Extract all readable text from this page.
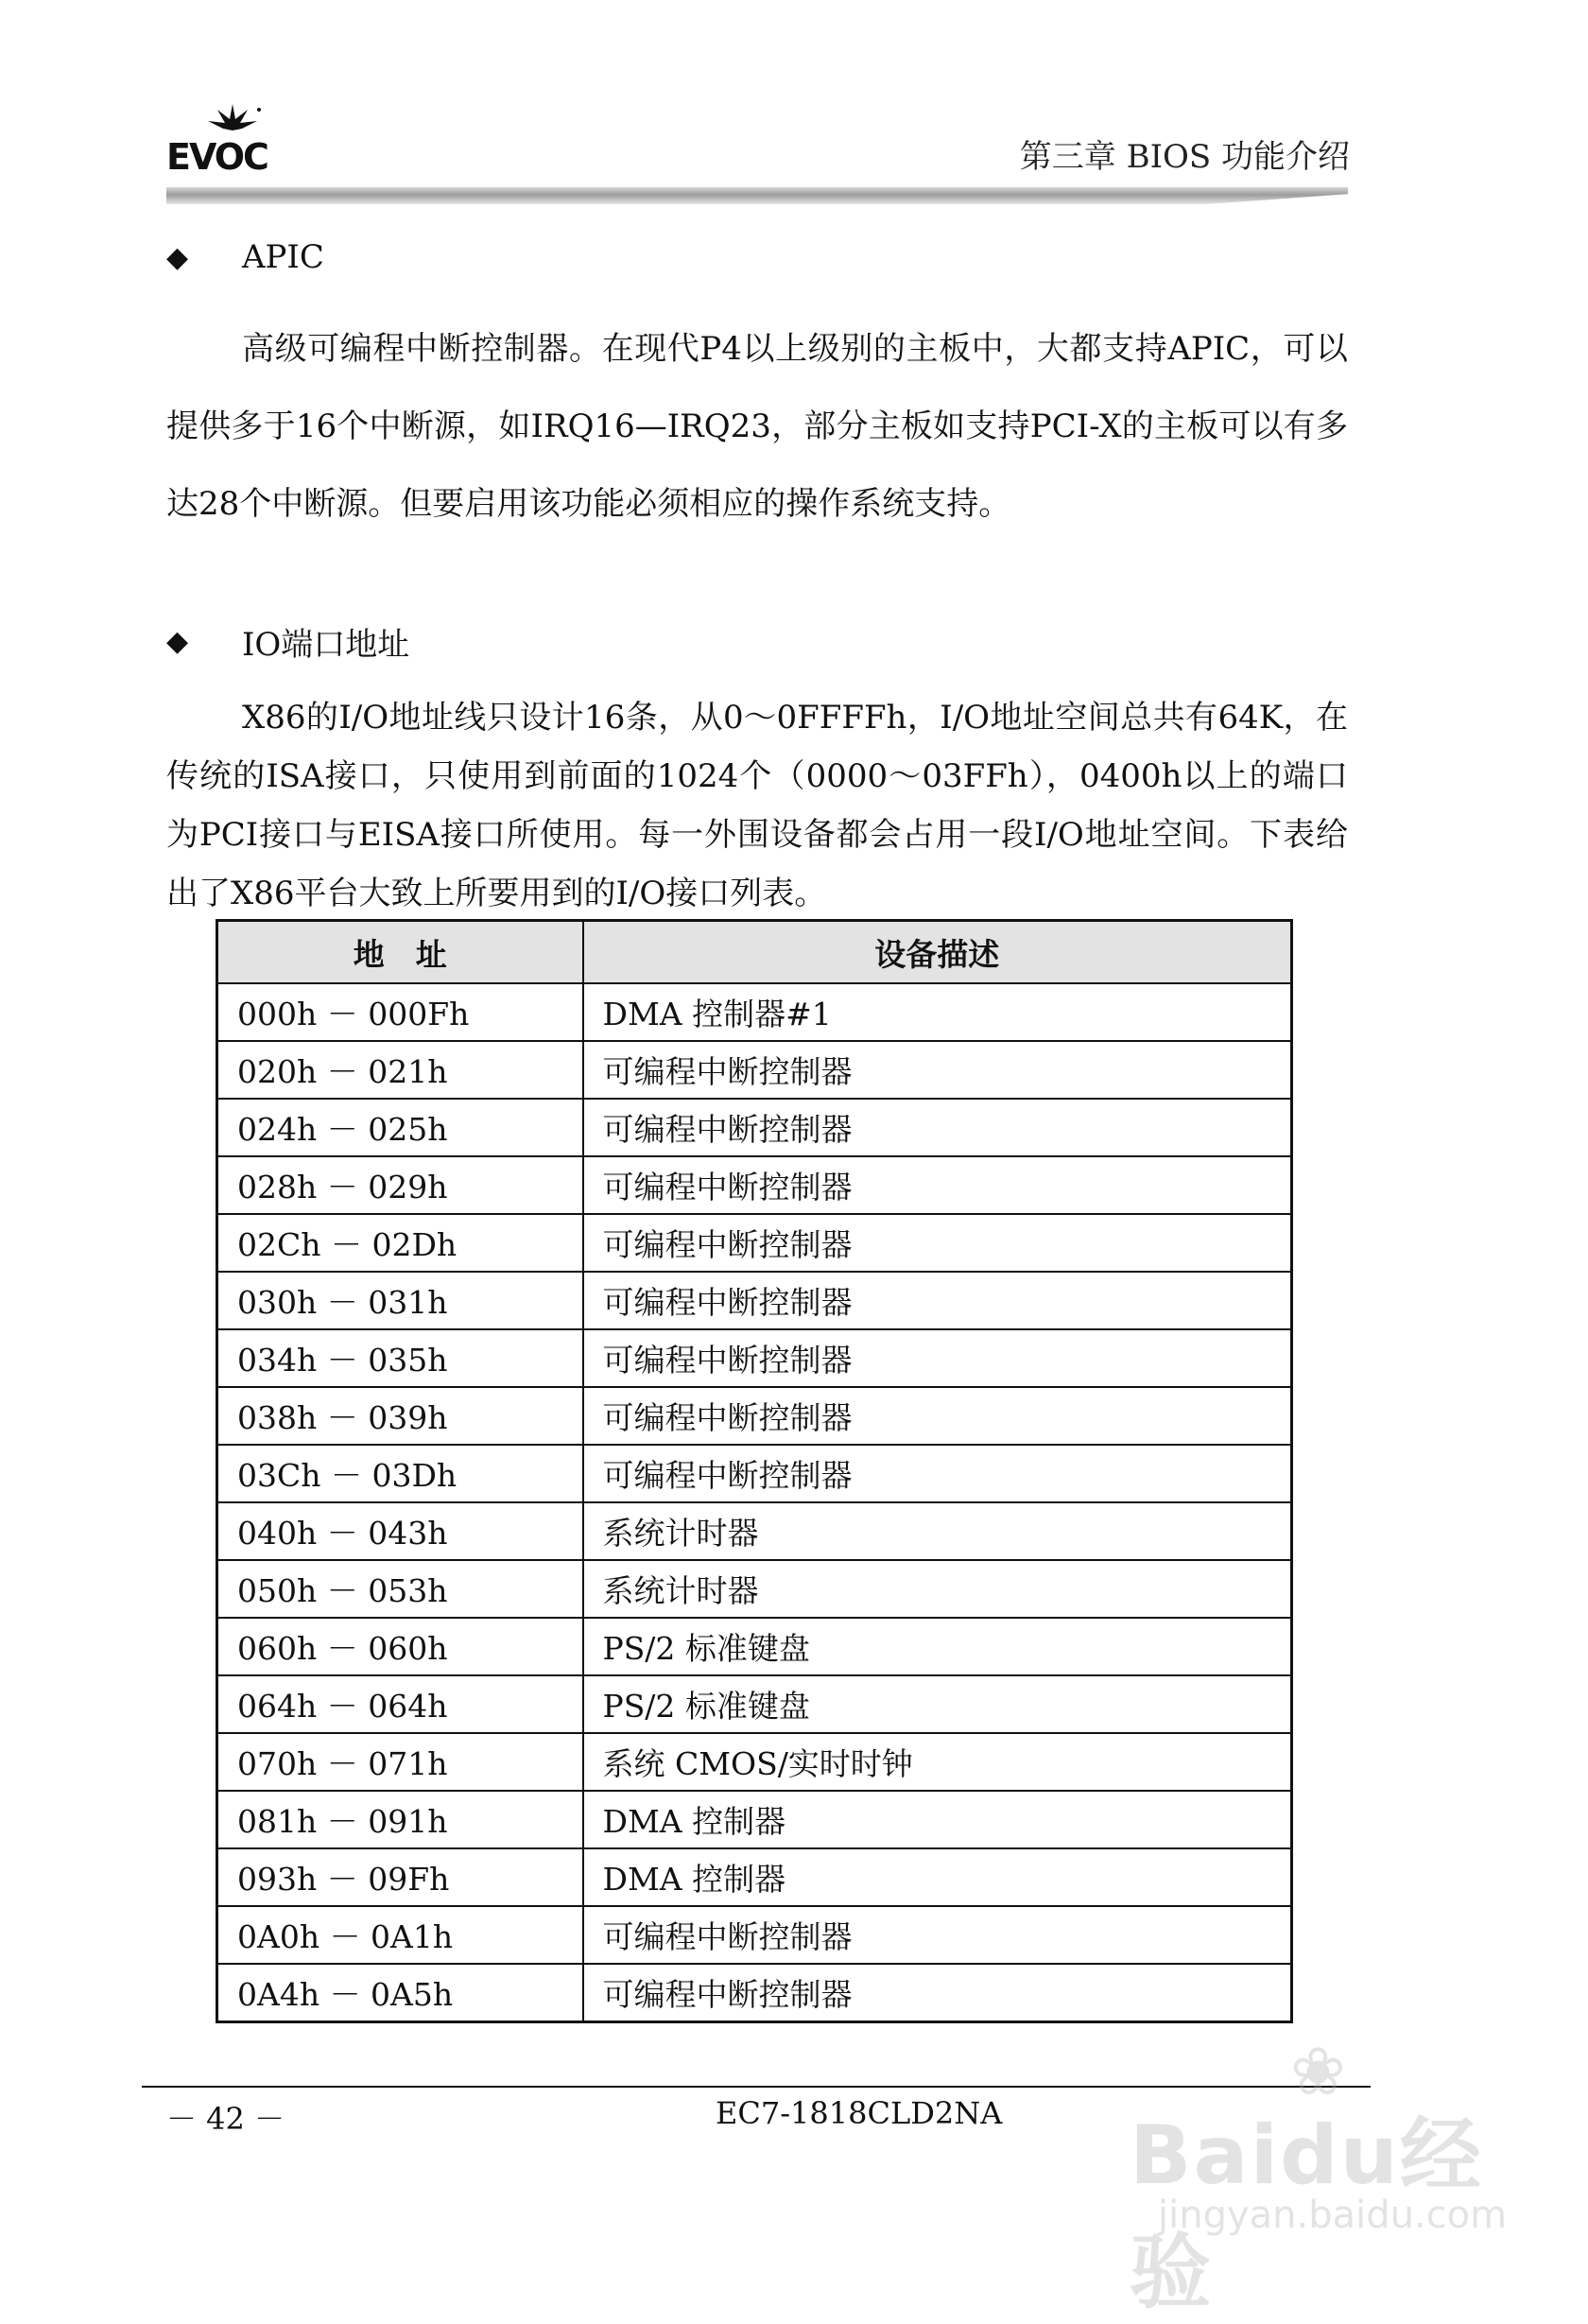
EVOC	第三章 BIOS 功能介绍
◆	APIC

高级可编程中断控制器。在现代P4以上级别的主板中，大都支持APIC，可以提供多于16个中断源，如IRQ16—IRQ23，部分主板如支持PCI-X的主板可以有多达28个中断源。但要启用该功能必须相应的操作系统支持。

◆	IO端口地址

X86的I/O地址线只设计16条，从0～0FFFFh，I/O地址空间总共有64K，在传统的ISA接口，只使用到前面的1024个（0000～03FFh），0400h以上的端口为PCI接口与EISA接口所使用。每一外围设备都会占用一段I/O地址空间。下表给出了X86平台大致上所要用到的I/O接口列表。

地　址	设备描述
000h － 000Fh	DMA 控制器#1
020h － 021h	可编程中断控制器
024h － 025h	可编程中断控制器
028h － 029h	可编程中断控制器
02Ch － 02Dh	可编程中断控制器
030h － 031h	可编程中断控制器
034h － 035h	可编程中断控制器
038h － 039h	可编程中断控制器
03Ch － 03Dh	可编程中断控制器
040h － 043h	系统计时器
050h － 053h	系统计时器
060h － 060h	PS/2 标准键盘
064h － 064h	PS/2 标准键盘
070h － 071h	系统 CMOS/实时时钟
081h － 091h	DMA 控制器
093h － 09Fh	DMA 控制器
0A0h － 0A1h	可编程中断控制器
0A4h － 0A5h	可编程中断控制器
－ 42 －	EC7-1818CLD2NA
❀
Baidu经验
jingyan.baidu.com
